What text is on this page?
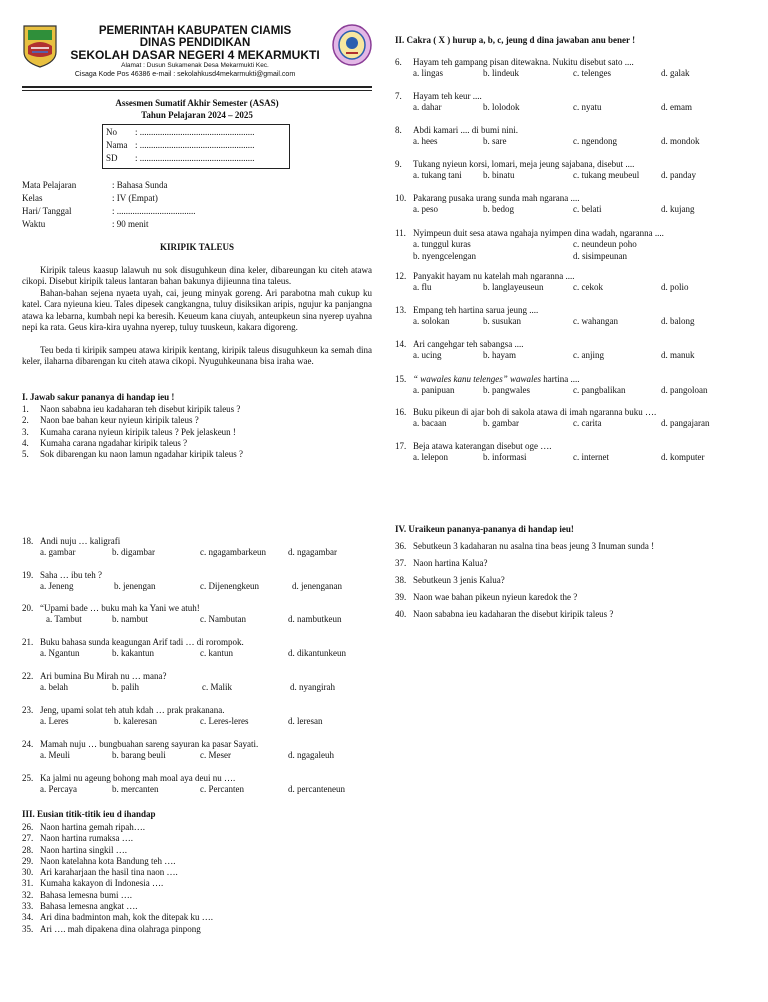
PEMERINTAH KABUPATEN CIAMIS
DINAS PENDIDIKAN
SEKOLAH DASAR NEGERI 4 MEKARMUKTI
Alamat : Dusun Sukamenak Desa Mekarmukti Kec.
Cisaga Kode Pos 46386 e-mail : sekolahkusd4mekarmukti@gmail.com
Assesmen Sumatif Akhir Semester (ASAS)
Tahun Pelajaran 2024 – 2025
No : ...................................................
Nama : ...................................................
SD : ...................................................
Mata Pelajaran	: Bahasa Sunda
Kelas	: IV (Empat)
Hari/ Tanggal	: ...................................
Waktu	: 90 menit
KIRIPIK TALEUS
Kiripik taleus kaasup lalawuh nu sok disuguhkeun dina keler, dibareungan ku citeh atawa cikopi. Disebut kiripik taleus lantaran bahan bakunya dijieunna tina taleus.
Bahan-bahan sejena nyaeta uyah, cai, jeung minyak goreng. Ari parabotna mah cukup ku katel. Cara nyieuna kieu. Tales dipesek cangkangna, tuluy disiksikan aripis, ngujur ka panjangna atawa ka lebarna, kumbah nepi ka beresih. Keueum kana ciuyah, anteupkeun sina nyerep uyahna nepi ka rata. Geus kira-kira uyahna nyerep, tuluy tuuskeun, kakara digoreng.
Teu beda ti kiripik sampeu atawa kiripik kentang, kiripik taleus disuguhkeun ka semah dina keler, ilaharna dibarengan ku citeh atawa cikopi. Nyuguhkeunana bisa iraha wae.
I. Jawab sakur pananya di handap ieu !
1. Naon sababna ieu kadaharan teh disebut kiripik taleus ?
2. Naon bae bahan keur nyieun kiripik taleus ?
3. Kumaha carana nyieun kiripik taleus ? Pek jelaskeun !
4. Kumaha carana ngadahar kiripik taleus ?
5. Sok dibarengan ku naon lamun ngadahar kiripik taleus ?
II. Cakra ( X ) hurup a, b, c, jeung d dina jawaban anu bener !
6. Hayam teh gampang pisan ditewakna. Nukitu disebut sato ....
a. lingas	b. lindeuk	c. telenges	d. galak
7. Hayam teh keur ....
a. dahar	b. lolodok	c. nyatu	d. emam
8. Abdi kamari .... di bumi nini.
a. hees	b. sare	c. ngendong	d. mondok
9. Tukang nyieun korsi, lomari, meja jeung sajabana, disebut ....
a. tukang tani b. binatu	c. tukang meubeul d. panday
10. Pakarang pusaka urang sunda mah ngarana ....
a. peso	b. bedog	c. belati	d. kujang
12. Panyakit hayam nu katelah mah ngaranna ....
a. flu	b. langlayeuseun	c. cekok	d. polio
13. Empang teh hartina sarua jeung ....
a. solokan	b. susukan	c. wahangan	d. balong
14. Ari cangehgar teh sabangsa ....
a. ucing	b. hayam	c. anjing	d. manuk
16. Buku pikeun di ajar boh di sakola atawa di imah ngaranna buku ….
a. bacaan	b. gambar	c. carita	d. pangajaran
17. Beja atawa katerangan disebut oge ….
a. lelepon	b. informasi	c. internet	d. komputer
11. Nyimpeun duit sesa atawa ngahaja nyimpen dina wadah, ngaranna ....
a. tunggul kuras	c. neundeun poho
b. nyengcelengan	d. sisimpeunan
15. “ wawales kanu telenges” wawales hartina ....
a. panipuan	b. pangwales	c. pangbalikan	d. pangoloan
18. Andi nuju … kaligrafi
a. gambar	b. digambar	c. ngagambarkeun d. ngagambar
19. Saha … ibu teh ?
a. Jeneng	b. jenengan	c. Dijenengkeun	d. jenenganan
20. “Upami bade … buku mah ka Yani we atuh!
a. Tambut	b. nambut	c. Nambutan	d. nambutkeun
21. Buku bahasa sunda keagungan Arif tadi … di rorompok.
a. Ngantun	b. kakantun	c. kantun	d. dikantunkeun
22. Ari bumina Bu Mirah nu … mana?
a. belah	b. palih	c. Malik	d. nyangirah
23. Jeng, upami solat teh atuh kdah … prak prakanana.
a. Leres	b. kaleresan	c. Leres-leres	d. leresan
24. Mamah nuju … bungbuahan sareng sayuran ka pasar Sayati.
a. Meuli	b. barang beuli	c. Meser	d. ngagaleuh
25. Ka jalmi nu ageung bohong mah moal aya deui nu ….
a. Percaya	b. mercanten	c. Percanten	d. percanteneun
III. Eusian titik-titik ieu d ihandap
26. Naon hartina gemah ripah….
27. Naon hartina rumaksa ….
28. Naon hartina singkil ….
29. Naon katelahna kota Bandung teh ….
30. Ari karaharjaan the hasil tina naon ….
31. Kumaha kakayon di Indonesia ….
32. Bahasa lemesna bumi ….
33. Bahasa lemesna angkat ….
34. Ari dina badminton mah, kok the ditepak ku ….
35. Ari …. mah dipakena dina olahraga pinpong
IV. Uraikeun pananya-pananya di handap ieu!
36. Sebutkeun 3 kadaharan nu asalna tina beas jeung 3 Inuman sunda !
37. Naon hartina Kalua?
38. Sebutkeun 3 jenis Kalua?
39. Naon wae bahan pikeun nyieun karedok the ?
40. Naon sababna ieu kadaharan the disebut kiripik taleus ?
